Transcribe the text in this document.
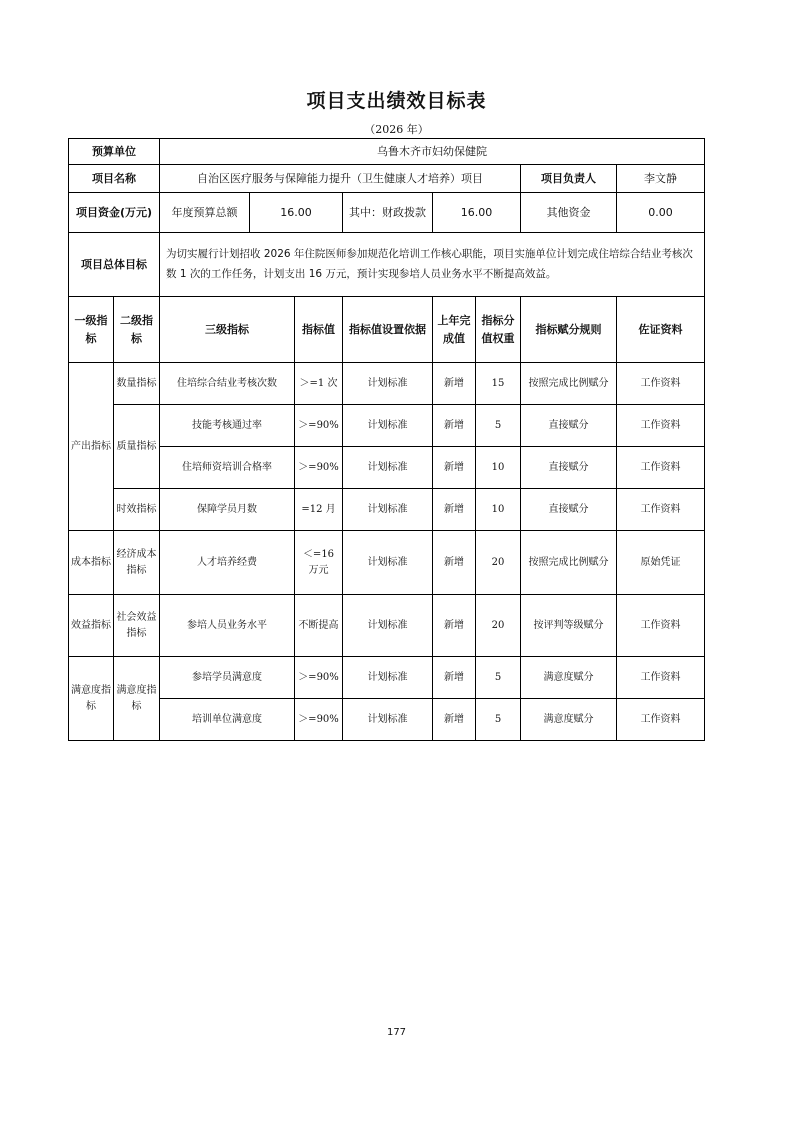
项目支出绩效目标表
（2026 年）
预算单位		乌鲁木齐市妇幼保健院							
项目名称		自治区医疗服务与保障能力提升（卫生健康人才培养）项目						项目负责人	李文静
项目资金(万元)		年度预算总额	16.00		其中：财政拨款	16.00		其他资金	0.00
项目总体目标		为切实履行计划招收 2026 年住院医师参加规范化培训工作核心职能，项目实施单位计划完成住培综合结业考核次数 1 次的工作任务，计划支出 16 万元，预计实现参培人员业务水平不断提高效益。							
一级指标	二级指标	三级指标		指标值	指标值设置依据	上年完成值	指标分值权重	指标赋分规则	佐证资料
产出指标	数量指标	住培综合结业考核次数		＞=1 次	计划标准	新增	15	按照完成比例赋分	工作资料
	质量指标	技能考核通过率		＞=90%	计划标准	新增	5	直接赋分	工作资料
		住培师资培训合格率		＞=90%	计划标准	新增	10	直接赋分	工作资料
	时效指标	保障学员月数		=12 月	计划标准	新增	10	直接赋分	工作资料
成本指标	经济成本指标	人才培养经费		＜=16 万元	计划标准	新增	20	按照完成比例赋分	原始凭证
效益指标	社会效益指标	参培人员业务水平		不断提高	计划标准	新增	20	按评判等级赋分	工作资料
满意度指标	满意度指标	参培学员满意度		＞=90%	计划标准	新增	5	满意度赋分	工作资料
		培训单位满意度		＞=90%	计划标准	新增	5	满意度赋分	工作资料
177
